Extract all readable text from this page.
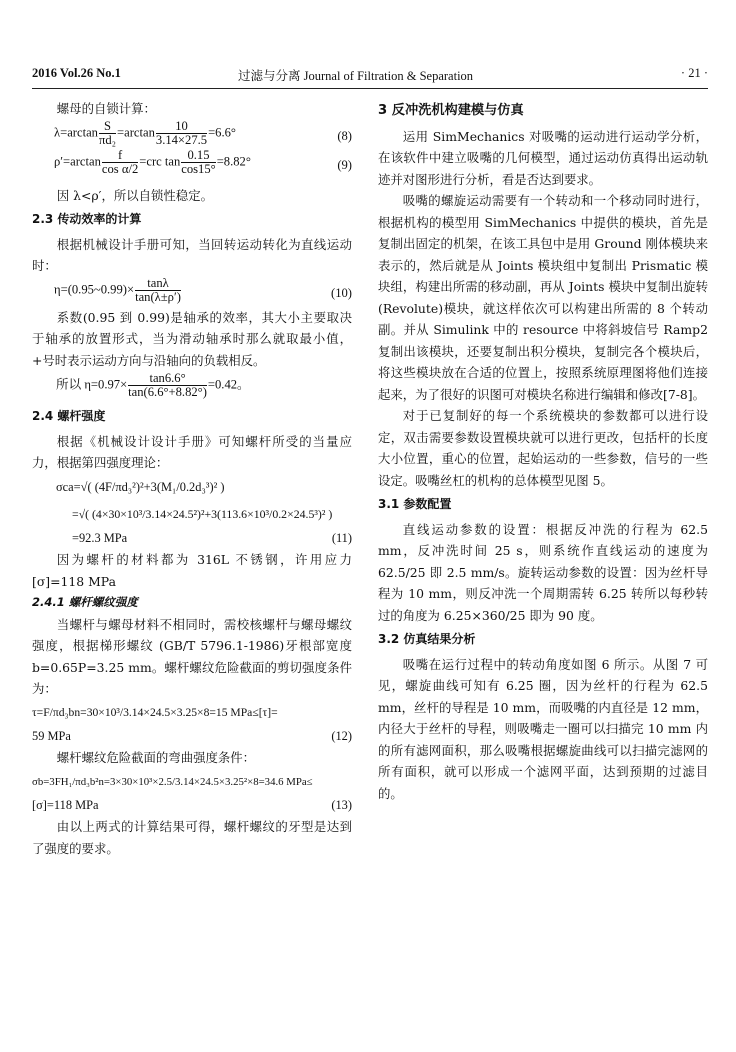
2016 Vol.26 No.1	过滤与分离 Journal of Filtration & Separation	· 21 ·

螺母的自锁计算：

$\lambda=\arctan \frac{S}{\text{πd₂}} =\arctan \frac{10}{3.14\times 27.5} =6.6^\circ$	(8)
$\rho'=\arctan \frac{f}{\text{cos α/2}} =crc$ $\tan \frac{0.15}{\cos 15^\circ} =8.82^\circ$	(9)

因 λ<ρ′，所以自锁性稳定。

2.3 传动效率的计算

根据机械设计手册可知，当回转运动转化为直线运动时：

η=(0.95~0.99)× $\frac{\tan\lambda}{\tan(\lambda\pm\rho')}$	(10)

系数(0.95 到 0.99)是轴承的效率，其大小主要取决于轴承的放置形式，当为滑动轴承时那么就取最小值，+号时表示运动方向与沿轴向的负载相反。

所以 $\eta=0.97\times \frac{\tan 6.6^\circ}{\tan(6.6^\circ+8.82^\circ)} =0.42$。
2.4 螺杆强度

根据《机械设计设计手册》可知螺杆所受的当量应力，根据第四强度理论：

σca=√( (4F/πd₃²)²+3(M₁/0.2d₃³)² )
=√( (4×30×10³/3.14×24.5²)²+3(113.6×10³/0.2×24.5³)² )
=92.3 MPa	(11)

因为螺杆的材料都为 316L 不锈钢，许用应力[σ]=118 MPa

2.4.1 螺杆螺纹强度

当螺杆与螺母材料不相同时，需校核螺杆与螺母螺纹强度，根据梯形螺纹 (GB/T 5796.1-1986)牙根部宽度 b=0.65P=3.25 mm。螺杆螺纹危险截面的剪切强度条件为：

τ=F/πd₃bn=30×10³/3.14×24.5×3.25×8=15 MPa≤[τ]=
59 MPa	(12)

螺杆螺纹危险截面的弯曲强度条件：

σb=3FH₁/πd₃b²n=3×30×10³×2.5/3.14×24.5×3.25²×8=34.6 MPa≤
[σ]=118 MPa	(13)

由以上两式的计算结果可得，螺杆螺纹的牙型是达到了强度的要求。

3 反冲洗机构建模与仿真

运用 SimMechanics 对吸嘴的运动进行运动学分析，在该软件中建立吸嘴的几何模型，通过运动仿真得出运动轨迹并对图形进行分析，看是否达到要求。

吸嘴的螺旋运动需要有一个转动和一个移动同时进行，根据机构的模型用 SimMechanics 中提供的模块，首先是复制出固定的机架，在该工具包中是用 Ground 刚体模块来表示的，然后就是从 Joints 模块组中复制出 Prismatic 模块组，构建出所需的移动副，再从 Joints 模块中复制出旋转(Revolute)模块，就这样依次可以构建出所需的 8 个转动副。并从 Simulink 中的 resource 中将斜坡信号 Ramp2 复制出该模块，还要复制出积分模块，复制完各个模块后，将这些模块放在合适的位置上，按照系统原理图将他们连接起来，为了很好的识图可对模块名称进行编辑和修改[7-8]。

对于已复制好的每一个系统模块的参数都可以进行设定，双击需要参数设置模块就可以进行更改，包括杆的长度大小位置，重心的位置，起始运动的一些参数，信号的一些设定。吸嘴丝杠的机构的总体模型见图 5。

3.1 参数配置

直线运动参数的设置：根据反冲洗的行程为 62.5 mm，反冲洗时间 25 s，则系统作直线运动的速度为 62.5/25 即 2.5 mm/s。旋转运动参数的设置：因为丝杆导程为 10 mm，则反冲洗一个周期需转 6.25 转所以每秒转过的角度为 6.25×360/25 即为 90 度。

3.2 仿真结果分析

吸嘴在运行过程中的转动角度如图 6 所示。从图 7 可见，螺旋曲线可知有 6.25 圈，因为丝杆的行程为 62.5 mm，丝杆的导程是 10 mm，而吸嘴的内直径是 12 mm，内径大于丝杆的导程，则吸嘴走一圈可以扫描完 10 mm 内的所有滤网面积，那么吸嘴根据螺旋曲线可以扫描完滤网的所有面积，就可以形成一个滤网平面，达到预期的过滤目的。
